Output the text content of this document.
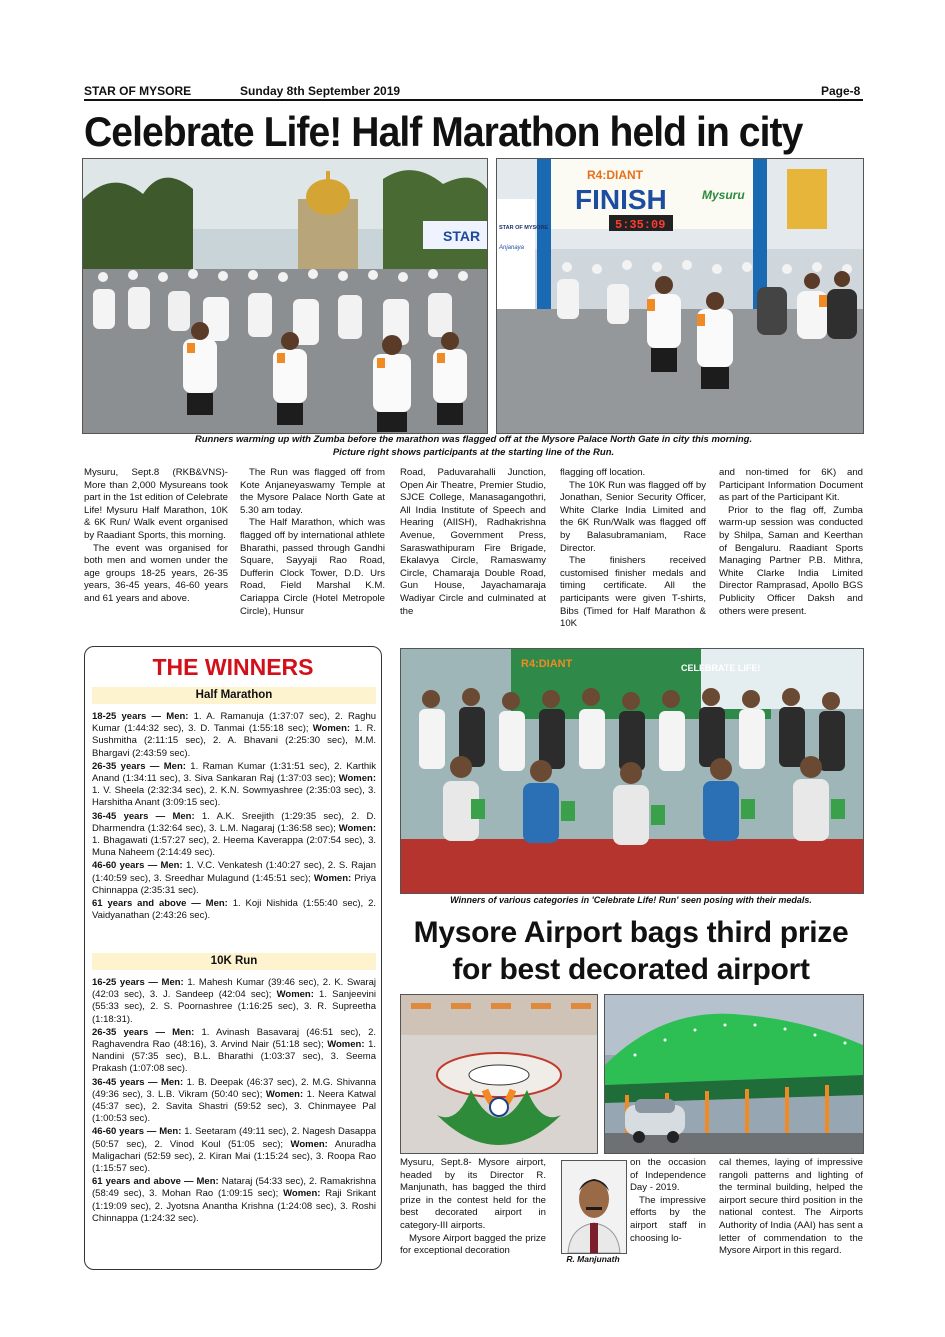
STAR OF MYSORE	Sunday 8th September 2019	Page-8
Celebrate Life! Half Marathon held in city
STAR
R4:DIANT
FINISH	Mysuru
5:35:09
STAR OF MYSORE
Anjanaya
Runners warming up with Zumba before the marathon was flagged off at the Mysore Palace North Gate in city this morning.
Picture right shows participants at the starting line of the Run.

Mysuru, Sept.8 (RKB&VNS)- More than 2,000 Mysureans took part in the 1st edition of Celebrate Life! Mysuru Half Marathon, 10K & 6K Run/ Walk event organised by Raadiant Sports, this morning.

The event was organised for both men and women under the age groups 18-25 years, 26-35 years, 36-45 years, 46-60 years and 61 years and above.

The Run was flagged off from Kote Anjaneyaswamy Temple at the Mysore Palace North Gate at 5.30 am today.

The Half Marathon, which was flagged off by international athlete Bharathi, passed through Gandhi Square, Sayyaji Rao Road, Dufferin Clock Tower, D.D. Urs Road, Field Marshal K.M. Cariappa Circle (Hotel Metropole Circle), Hunsur

Road, Paduvarahalli Junction, Open Air Theatre, Premier Studio, SJCE College, Manasagangothri, All India Institute of Speech and Hearing (AIISH), Radhakrishna Avenue, Government Press, Saraswathipuram Fire Brigade, Ekalavya Circle, Ramaswamy Circle, Chamaraja Double Road, Gun House, Jayachamaraja Wadiyar Circle and culminated at the

flagging off location.

The 10K Run was flagged off by Jonathan, Senior Security Officer, White Clarke India Limited and the 6K Run/Walk was flagged off by Balasubramaniam, Race Director.

The finishers received customised finisher medals and timing certificate. All the participants were given T-shirts, Bibs (Timed for Half Marathon & 10K

and non-timed for 6K) and Participant Information Document as part of the Participant Kit.

Prior to the flag off, Zumba warm-up session was conducted by Shilpa, Saman and Keerthan of Bengaluru. Raadiant Sports Managing Partner P.B. Mithra, White Clarke India Limited Director Ramprasad, Apollo BGS Publicity Officer Daksh and others were present.

THE WINNERS
Half Marathon

18-25 years — Men: 1. A. Ramanuja (1:37:07 sec), 2. Raghu Kumar (1:44:32 sec), 3. D. Tanmai (1:55:18 sec); Women: 1. R. Sushmitha (2:11:15 sec), 2. A. Bhavani (2:25:30 sec), M.M. Bhargavi (2:43:59 sec).

26-35 years — Men: 1. Raman Kumar (1:31:51 sec), 2. Karthik Anand (1:34:11 sec), 3. Siva Sankaran Raj (1:37:03 sec); Women: 1. V. Sheela (2:32:34 sec), 2. K.N. Sowmyashree (2:35:03 sec), 3. Harshitha Anant (3:09:15 sec).

36-45 years — Men: 1. A.K. Sreejith (1:29:35 sec), 2. D. Dharmendra (1:32:64 sec), 3. L.M. Nagaraj (1:36:58 sec); Women: 1. Bhagawati (1:57:27 sec), 2. Heema Kaverappa (2:07:54 sec), 3. Muna Naheem (2:14:49 sec).

46-60 years — Men: 1. V.C. Venkatesh (1:40:27 sec), 2. S. Rajan (1:40:59 sec), 3. Sreedhar Mulagund (1:45:51 sec); Women: Priya Chinnappa (2:35:31 sec).

61 years and above — Men: 1. Koji Nishida (1:55:40 sec), 2. Vaidyanathan (2:43:26 sec).

10K Run

16-25 years — Men: 1. Mahesh Kumar (39:46 sec), 2. K. Swaraj (42:03 sec), 3. J. Sandeep (42:04 sec); Women: 1. Sanjeevini (55:33 sec), 2. S. Poornashree (1:16:25 sec), 3. R. Supreetha (1:18:31).

26-35 years — Men: 1. Avinash Basavaraj (46:51 sec), 2. Raghavendra Rao (48:16), 3. Arvind Nair (51:18 sec); Women: 1. Nandini (57:35 sec), B.L. Bharathi (1:03:37 sec), 3. Seema Prakash (1:07:08 sec).

36-45 years — Men: 1. B. Deepak (46:37 sec), 2. M.G. Shivanna (49:36 sec), 3. L.B. Vikram (50:40 sec); Women: 1. Neera Katwal (45:37 sec), 2. Savita Shastri (59:52 sec), 3. Chinmayee Pal (1:00:53 sec).

46-60 years — Men: 1. Seetaram (49:11 sec), 2. Nagesh Dasappa (50:57 sec), 2. Vinod Koul (51:05 sec); Women: Anuradha Maligachari (52:59 sec), 2. Kiran Mai (1:15:24 sec), 3. Roopa Rao (1:15:57 sec).

61 years and above — Men: Nataraj (54:33 sec), 2. Ramakrishna (58:49 sec), 3. Mohan Rao (1:09:15 sec); Women: Raji Srikant (1:19:09 sec), 2. Jyotsna Anantha Krishna (1:24:08 sec), 3. Roshi Chinnappa (1:24:32 sec).

R4:DIANT	CELEBRATE LIFE!
Winners of various categories in 'Celebrate Life! Run' seen posing with their medals.
Mysore Airport bags third prize
for best decorated airport

Mysuru, Sept.8- Mysore airport, headed by its Director R. Manjunath, has bagged the third prize in the contest held for the best decorated airport in category-III airports.

Mysore Airport bagged the prize for exceptional decoration

R. Manjunath

on the occasion of Independence Day - 2019.

The impressive efforts by the airport staff in choosing lo-

cal themes, laying of impressive rangoli patterns and lighting of the terminal building, helped the airport secure third position in the national contest. The Airports Authority of India (AAI) has sent a letter of commendation to the Mysore Airport in this regard.
